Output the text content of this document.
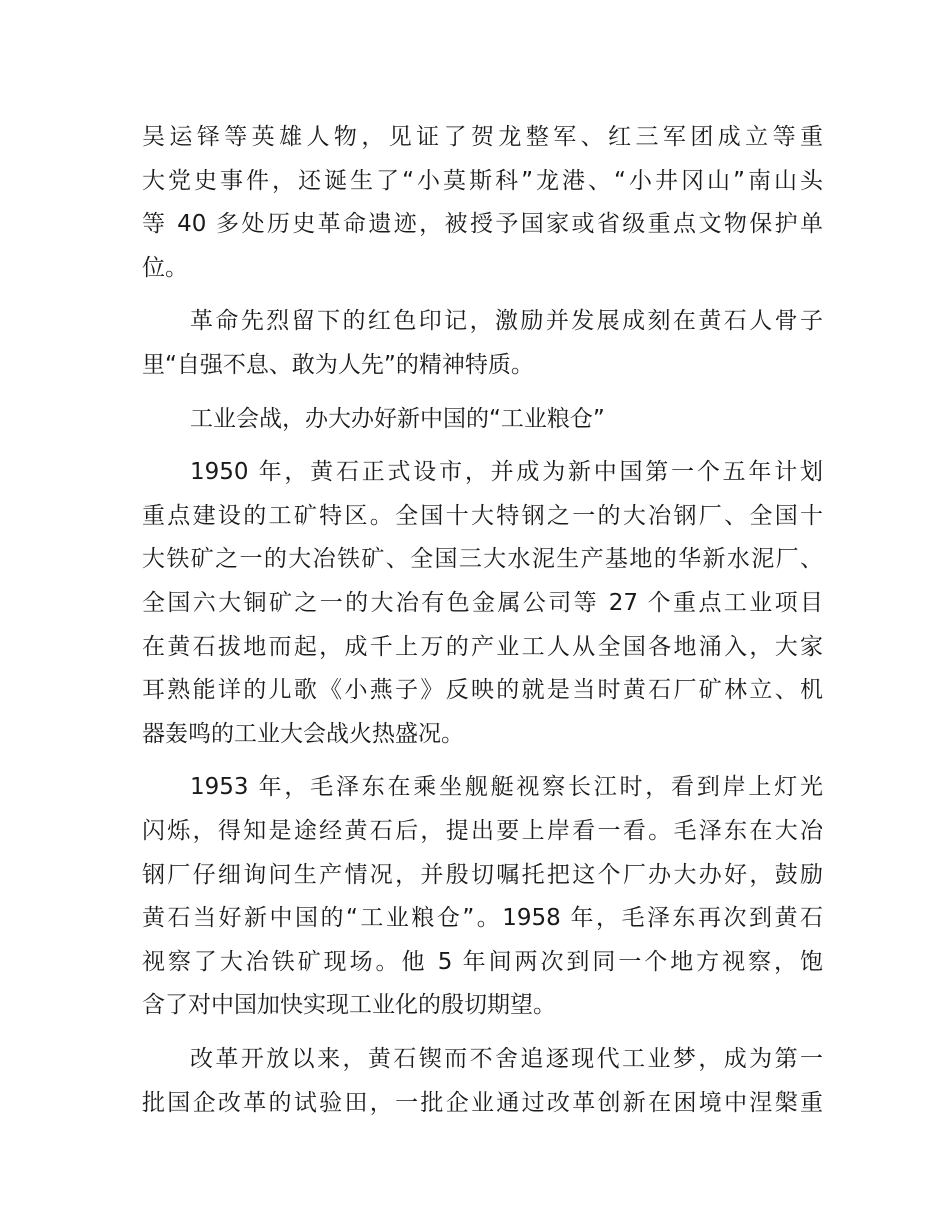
吴运铎等英雄人物，见证了贺龙整军、红三军团成立等重
大党史事件，还诞生了“小莫斯科”龙港、“小井冈山”南山头
等 40 多处历史革命遗迹，被授予国家或省级重点文物保护单
位。
革命先烈留下的红色印记，激励并发展成刻在黄石人骨子
里“自强不息、敢为人先”的精神特质。
工业会战，办大办好新中国的“工业粮仓”
1950 年，黄石正式设市，并成为新中国第一个五年计划
重点建设的工矿特区。全国十大特钢之一的大冶钢厂、全国十
大铁矿之一的大冶铁矿、全国三大水泥生产基地的华新水泥厂、
全国六大铜矿之一的大冶有色金属公司等 27 个重点工业项目
在黄石拔地而起，成千上万的产业工人从全国各地涌入，大家
耳熟能详的儿歌《小燕子》反映的就是当时黄石厂矿林立、机
器轰鸣的工业大会战火热盛况。
1953 年，毛泽东在乘坐舰艇视察长江时，看到岸上灯光
闪烁，得知是途经黄石后，提出要上岸看一看。毛泽东在大冶
钢厂仔细询问生产情况，并殷切嘱托把这个厂办大办好，鼓励
黄石当好新中国的“工业粮仓”。1958 年，毛泽东再次到黄石
视察了大冶铁矿现场。他 5 年间两次到同一个地方视察，饱
含了对中国加快实现工业化的殷切期望。
改革开放以来，黄石锲而不舍追逐现代工业梦，成为第一
批国企改革的试验田，一批企业通过改革创新在困境中涅槃重
